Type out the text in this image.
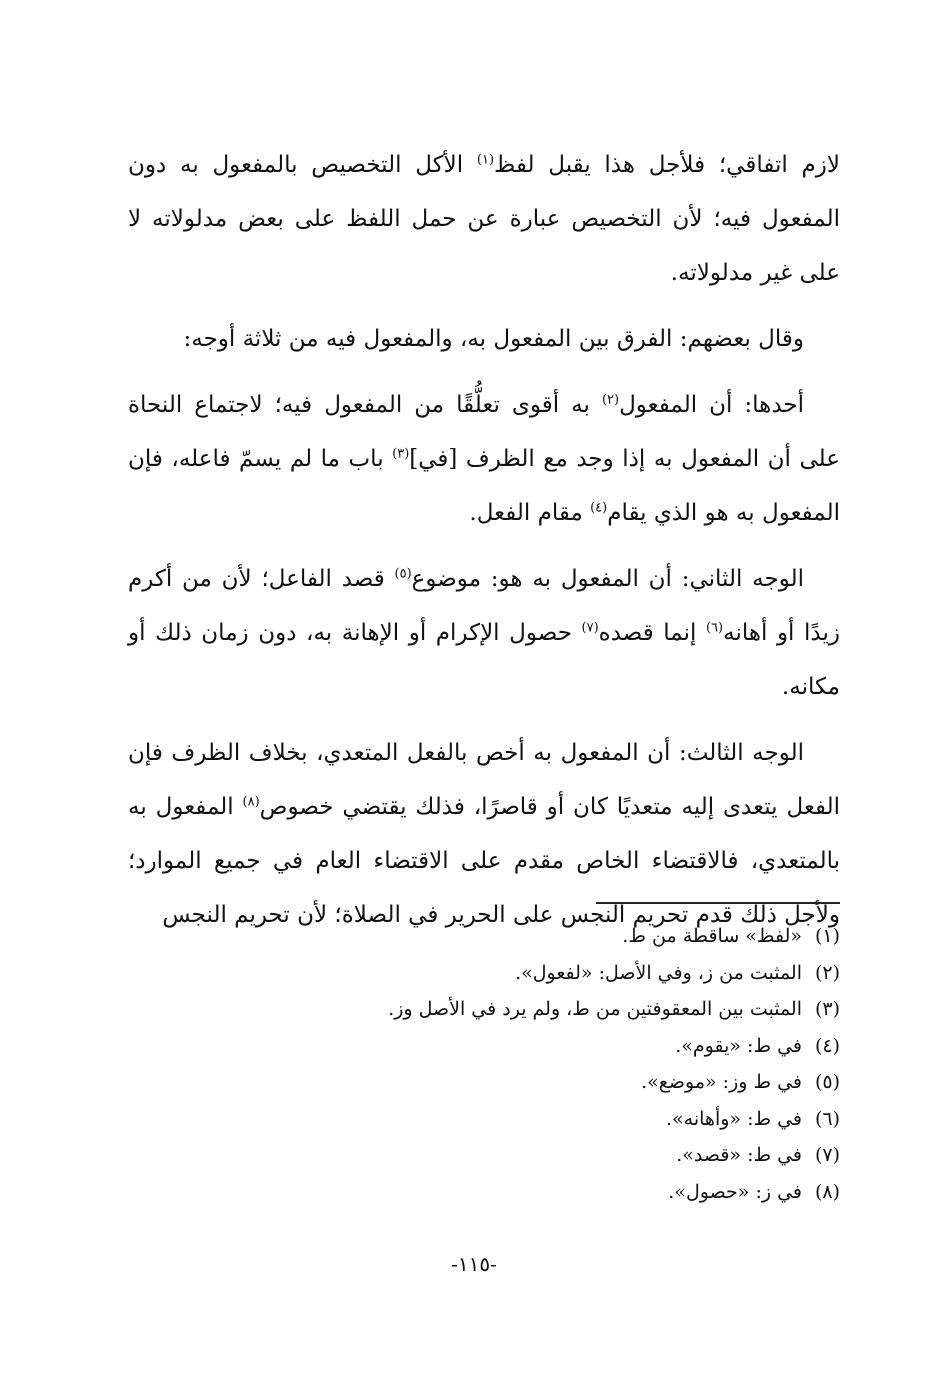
لازم اتفاقي؛ فلأجل هذا يقبل لفظ$^{(١)}$ الأكل التخصيص بالمفعول به دون المفعول فيه؛ لأن التخصيص عبارة عن حمل اللفظ على بعض مدلولاته لا على غير مدلولاته.

وقال بعضهم: الفرق بين المفعول به، والمفعول فيه من ثلاثة أوجه:

أحدها: أن المفعول$^{(٢)}$ به أقوى تعلُّقًا من المفعول فيه؛ لاجتماع النحاة على أن المفعول به إذا وجد مع الظرف [في]$^{(٣)}$ باب ما لم يسمّ فاعله، فإن المفعول به هو الذي يقام$^{(٤)}$ مقام الفعل.

الوجه الثاني: أن المفعول به هو: موضوع$^{(٥)}$ قصد الفاعل؛ لأن من أكرم زيدًا أو أهانه$^{(٦)}$ إنما قصده$^{(٧)}$ حصول الإكرام أو الإهانة به، دون زمان ذلك أو مكانه.

الوجه الثالث: أن المفعول به أخص بالفعل المتعدي، بخلاف الظرف فإن الفعل يتعدى إليه متعديًا كان أو قاصرًا، فذلك يقتضي خصوص$^{(٨)}$ المفعول به بالمتعدي، فالاقتضاء الخاص مقدم على الاقتضاء العام في جميع الموارد؛ ولأجل ذلك قدم تحريم النجس على الحرير في الصلاة؛ لأن تحريم النجس

(١)«لفظ» ساقطة من ط.
(٢)المثبت من ز، وفي الأصل: «لفعول».
(٣)المثبت بين المعقوفتين من ط، ولم يرد في الأصل وز.
(٤)في ط: «يقوم».
(٥)في ط وز: «موضع».
(٦)في ط: «وأهانه».
(٧)في ط: «قصد».
(٨)في ز: «حصول».
-١١٥-
